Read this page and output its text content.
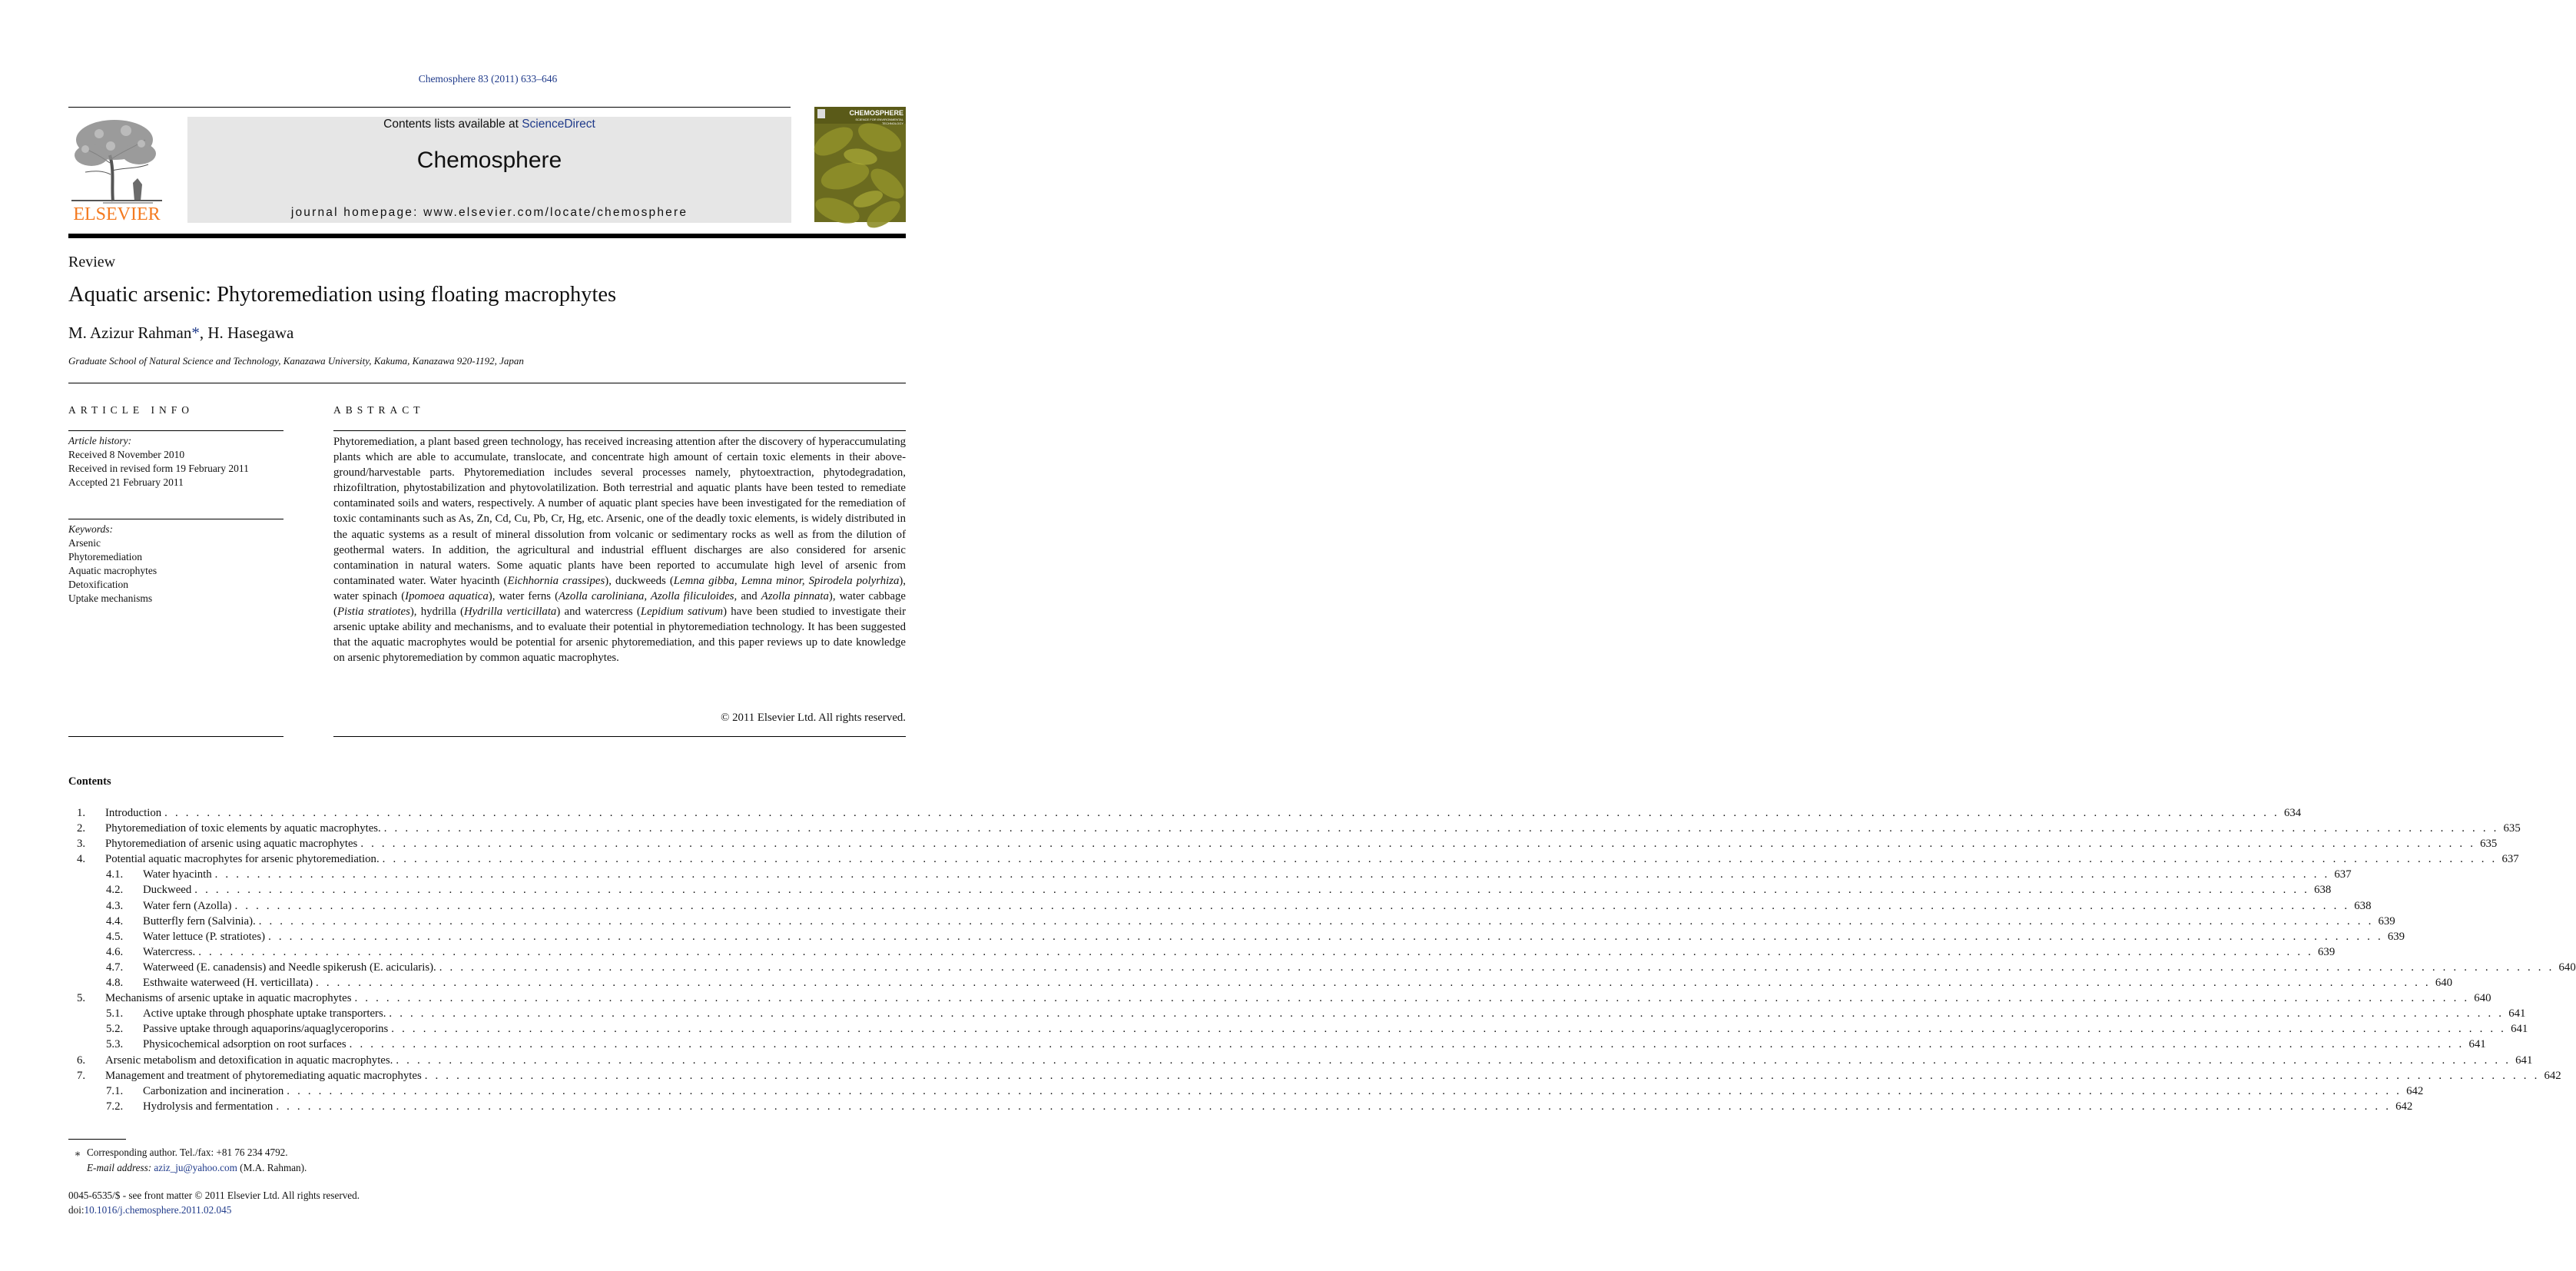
Chemosphere 83 (2011) 633–646
ELSEVIER
Contents lists available at ScienceDirect
Chemosphere
journal homepage: www.elsevier.com/locate/chemosphere
CHEMOSPHERE
SCIENCE FOR ENVIRONMENTAL TECHNOLOGY
Review
Aquatic arsenic: Phytoremediation using floating macrophytes
M. Azizur Rahman*, H. Hasegawa
Graduate School of Natural Science and Technology, Kanazawa University, Kakuma, Kanazawa 920-1192, Japan
ARTICLE INFO
Article history:
Received 8 November 2010
Received in revised form 19 February 2011
Accepted 21 February 2011
Keywords:
Arsenic
Phytoremediation
Aquatic macrophytes
Detoxification
Uptake mechanisms
ABSTRACT
Phytoremediation, a plant based green technology, has received increasing attention after the discovery of hyperaccumulating plants which are able to accumulate, translocate, and concentrate high amount of certain toxic elements in their above-ground/harvestable parts. Phytoremediation includes several processes namely, phytoextraction, phytodegradation, rhizofiltration, phytostabilization and phytovolatilization. Both terrestrial and aquatic plants have been tested to remediate contaminated soils and waters, respectively. A number of aquatic plant species have been investigated for the remediation of toxic contaminants such as As, Zn, Cd, Cu, Pb, Cr, Hg, etc. Arsenic, one of the deadly toxic elements, is widely distributed in the aquatic systems as a result of mineral dissolution from volcanic or sedimentary rocks as well as from the dilution of geothermal waters. In addition, the agricultural and industrial effluent discharges are also considered for arsenic contamination in natural waters. Some aquatic plants have been reported to accumulate high level of arsenic from contaminated water. Water hyacinth (Eichhornia crassipes), duckweeds (Lemna gibba, Lemna minor, Spirodela polyrhiza), water spinach (Ipomoea aquatica), water ferns (Azolla caroliniana, Azolla filiculoides, and Azolla pinnata), water cabbage (Pistia stratiotes), hydrilla (Hydrilla verticillata) and watercress (Lepidium sativum) have been studied to investigate their arsenic uptake ability and mechanisms, and to evaluate their potential in phytoremediation technology. It has been suggested that the aquatic macrophytes would be potential for arsenic phytoremediation, and this paper reviews up to date knowledge on arsenic phytoremediation by common aquatic macrophytes.
© 2011 Elsevier Ltd. All rights reserved.
Contents
1. Introduction . . . . . . . . . . . . . . . . . . . . . . . . . . . . . . . . . . . . . . . . . . . . . . . . . . . . . . . . . . . . . . . . . . . . . . . . . . . . . . . . . . . . . . . . . . . . . . . . . . . . . . . . . . . . . . . . . . . . . . . . . . . . . . . . . . . . . . . . . . . . . . . . . . . . . . . . . . . . . . . . . . . . . . . . . . . . . . . . . . . . . . . . . . . . . . . . . . . . . . . . 634
2. Phytoremediation of toxic elements by aquatic macrophytes. . . . . . . . . . . . . . . . . . . . . . . . . . . . . . . . . . . . . . . . . . . . . . . . . . . . . . . . . . . . . . . . . . . . . . . . . . . . . . . . . . . . . . . . . . . . . . . . . . . . . . . . . . . . . . . . . . . . . . . . . . . . . . . . . . . . . . . . . . . . . . . . . . . . . . . . . . . . . . . . . . . . . . . . . . . . . . . . . . . . . . . . . . . . . . . . . . . . . . . . . 635
3. Phytoremediation of arsenic using aquatic macrophytes . . . . . . . . . . . . . . . . . . . . . . . . . . . . . . . . . . . . . . . . . . . . . . . . . . . . . . . . . . . . . . . . . . . . . . . . . . . . . . . . . . . . . . . . . . . . . . . . . . . . . . . . . . . . . . . . . . . . . . . . . . . . . . . . . . . . . . . . . . . . . . . . . . . . . . . . . . . . . . . . . . . . . . . . . . . . . . . . . . . . . . . . . . . . . . . . . . . . . . . . 635
4. Potential aquatic macrophytes for arsenic phytoremediation. . . . . . . . . . . . . . . . . . . . . . . . . . . . . . . . . . . . . . . . . . . . . . . . . . . . . . . . . . . . . . . . . . . . . . . . . . . . . . . . . . . . . . . . . . . . . . . . . . . . . . . . . . . . . . . . . . . . . . . . . . . . . . . . . . . . . . . . . . . . . . . . . . . . . . . . . . . . . . . . . . . . . . . . . . . . . . . . . . . . . . . . . . . . . . . . . . . . . . . . . 637
4.1. Water hyacinth . . . . . . . . . . . . . . . . . . . . . . . . . . . . . . . . . . . . . . . . . . . . . . . . . . . . . . . . . . . . . . . . . . . . . . . . . . . . . . . . . . . . . . . . . . . . . . . . . . . . . . . . . . . . . . . . . . . . . . . . . . . . . . . . . . . . . . . . . . . . . . . . . . . . . . . . . . . . . . . . . . . . . . . . . . . . . . . . . . . . . . . . . . . . . . . . . . . . . . . . 637
4.2. Duckweed . . . . . . . . . . . . . . . . . . . . . . . . . . . . . . . . . . . . . . . . . . . . . . . . . . . . . . . . . . . . . . . . . . . . . . . . . . . . . . . . . . . . . . . . . . . . . . . . . . . . . . . . . . . . . . . . . . . . . . . . . . . . . . . . . . . . . . . . . . . . . . . . . . . . . . . . . . . . . . . . . . . . . . . . . . . . . . . . . . . . . . . . . . . . . . . . . . . . . . . . 638
4.3. Water fern (Azolla) . . . . . . . . . . . . . . . . . . . . . . . . . . . . . . . . . . . . . . . . . . . . . . . . . . . . . . . . . . . . . . . . . . . . . . . . . . . . . . . . . . . . . . . . . . . . . . . . . . . . . . . . . . . . . . . . . . . . . . . . . . . . . . . . . . . . . . . . . . . . . . . . . . . . . . . . . . . . . . . . . . . . . . . . . . . . . . . . . . . . . . . . . . . . . . . . . . . . . . . . 638
4.4. Butterfly fern (Salvinia). . . . . . . . . . . . . . . . . . . . . . . . . . . . . . . . . . . . . . . . . . . . . . . . . . . . . . . . . . . . . . . . . . . . . . . . . . . . . . . . . . . . . . . . . . . . . . . . . . . . . . . . . . . . . . . . . . . . . . . . . . . . . . . . . . . . . . . . . . . . . . . . . . . . . . . . . . . . . . . . . . . . . . . . . . . . . . . . . . . . . . . . . . . . . . . . . . . . . . . . . 639
4.5. Water lettuce (P. stratiotes) . . . . . . . . . . . . . . . . . . . . . . . . . . . . . . . . . . . . . . . . . . . . . . . . . . . . . . . . . . . . . . . . . . . . . . . . . . . . . . . . . . . . . . . . . . . . . . . . . . . . . . . . . . . . . . . . . . . . . . . . . . . . . . . . . . . . . . . . . . . . . . . . . . . . . . . . . . . . . . . . . . . . . . . . . . . . . . . . . . . . . . . . . . . . . . . . . . . . . . . . 639
4.6. Watercress. . . . . . . . . . . . . . . . . . . . . . . . . . . . . . . . . . . . . . . . . . . . . . . . . . . . . . . . . . . . . . . . . . . . . . . . . . . . . . . . . . . . . . . . . . . . . . . . . . . . . . . . . . . . . . . . . . . . . . . . . . . . . . . . . . . . . . . . . . . . . . . . . . . . . . . . . . . . . . . . . . . . . . . . . . . . . . . . . . . . . . . . . . . . . . . . . . . . . . . . . 639
4.7. Waterweed (E. canadensis) and Needle spikerush (E. acicularis). . . . . . . . . . . . . . . . . . . . . . . . . . . . . . . . . . . . . . . . . . . . . . . . . . . . . . . . . . . . . . . . . . . . . . . . . . . . . . . . . . . . . . . . . . . . . . . . . . . . . . . . . . . . . . . . . . . . . . . . . . . . . . . . . . . . . . . . . . . . . . . . . . . . . . . . . . . . . . . . . . . . . . . . . . . . . . . . . . . . . . . . . . . . . . . . . . . . . . . . . 640
4.8. Esthwaite waterweed (H. verticillata) . . . . . . . . . . . . . . . . . . . . . . . . . . . . . . . . . . . . . . . . . . . . . . . . . . . . . . . . . . . . . . . . . . . . . . . . . . . . . . . . . . . . . . . . . . . . . . . . . . . . . . . . . . . . . . . . . . . . . . . . . . . . . . . . . . . . . . . . . . . . . . . . . . . . . . . . . . . . . . . . . . . . . . . . . . . . . . . . . . . . . . . . . . . . . . . . . . . . . . . . 640
5. Mechanisms of arsenic uptake in aquatic macrophytes . . . . . . . . . . . . . . . . . . . . . . . . . . . . . . . . . . . . . . . . . . . . . . . . . . . . . . . . . . . . . . . . . . . . . . . . . . . . . . . . . . . . . . . . . . . . . . . . . . . . . . . . . . . . . . . . . . . . . . . . . . . . . . . . . . . . . . . . . . . . . . . . . . . . . . . . . . . . . . . . . . . . . . . . . . . . . . . . . . . . . . . . . . . . . . . . . . . . . . . . 640
5.1. Active uptake through phosphate uptake transporters. . . . . . . . . . . . . . . . . . . . . . . . . . . . . . . . . . . . . . . . . . . . . . . . . . . . . . . . . . . . . . . . . . . . . . . . . . . . . . . . . . . . . . . . . . . . . . . . . . . . . . . . . . . . . . . . . . . . . . . . . . . . . . . . . . . . . . . . . . . . . . . . . . . . . . . . . . . . . . . . . . . . . . . . . . . . . . . . . . . . . . . . . . . . . . . . . . . . . . . . . 641
5.2. Passive uptake through aquaporins/aquaglyceroporins . . . . . . . . . . . . . . . . . . . . . . . . . . . . . . . . . . . . . . . . . . . . . . . . . . . . . . . . . . . . . . . . . . . . . . . . . . . . . . . . . . . . . . . . . . . . . . . . . . . . . . . . . . . . . . . . . . . . . . . . . . . . . . . . . . . . . . . . . . . . . . . . . . . . . . . . . . . . . . . . . . . . . . . . . . . . . . . . . . . . . . . . . . . . . . . . . . . . . . . . 641
5.3. Physicochemical adsorption on root surfaces . . . . . . . . . . . . . . . . . . . . . . . . . . . . . . . . . . . . . . . . . . . . . . . . . . . . . . . . . . . . . . . . . . . . . . . . . . . . . . . . . . . . . . . . . . . . . . . . . . . . . . . . . . . . . . . . . . . . . . . . . . . . . . . . . . . . . . . . . . . . . . . . . . . . . . . . . . . . . . . . . . . . . . . . . . . . . . . . . . . . . . . . . . . . . . . . . . . . . . . . 641
6. Arsenic metabolism and detoxification in aquatic macrophytes. . . . . . . . . . . . . . . . . . . . . . . . . . . . . . . . . . . . . . . . . . . . . . . . . . . . . . . . . . . . . . . . . . . . . . . . . . . . . . . . . . . . . . . . . . . . . . . . . . . . . . . . . . . . . . . . . . . . . . . . . . . . . . . . . . . . . . . . . . . . . . . . . . . . . . . . . . . . . . . . . . . . . . . . . . . . . . . . . . . . . . . . . . . . . . . . . . . . . . . . . 641
7. Management and treatment of phytoremediating aquatic macrophytes . . . . . . . . . . . . . . . . . . . . . . . . . . . . . . . . . . . . . . . . . . . . . . . . . . . . . . . . . . . . . . . . . . . . . . . . . . . . . . . . . . . . . . . . . . . . . . . . . . . . . . . . . . . . . . . . . . . . . . . . . . . . . . . . . . . . . . . . . . . . . . . . . . . . . . . . . . . . . . . . . . . . . . . . . . . . . . . . . . . . . . . . . . . . . . . . . . . . . . . . 642
7.1. Carbonization and incineration . . . . . . . . . . . . . . . . . . . . . . . . . . . . . . . . . . . . . . . . . . . . . . . . . . . . . . . . . . . . . . . . . . . . . . . . . . . . . . . . . . . . . . . . . . . . . . . . . . . . . . . . . . . . . . . . . . . . . . . . . . . . . . . . . . . . . . . . . . . . . . . . . . . . . . . . . . . . . . . . . . . . . . . . . . . . . . . . . . . . . . . . . . . . . . . . . . . . . . . . 642
7.2. Hydrolysis and fermentation . . . . . . . . . . . . . . . . . . . . . . . . . . . . . . . . . . . . . . . . . . . . . . . . . . . . . . . . . . . . . . . . . . . . . . . . . . . . . . . . . . . . . . . . . . . . . . . . . . . . . . . . . . . . . . . . . . . . . . . . . . . . . . . . . . . . . . . . . . . . . . . . . . . . . . . . . . . . . . . . . . . . . . . . . . . . . . . . . . . . . . . . . . . . . . . . . . . . . . . . 642
⁎ Corresponding author. Tel./fax: +81 76 234 4792.
E-mail address: aziz_ju@yahoo.com (M.A. Rahman).
0045-6535/$ - see front matter © 2011 Elsevier Ltd. All rights reserved.
doi:10.1016/j.chemosphere.2011.02.045
